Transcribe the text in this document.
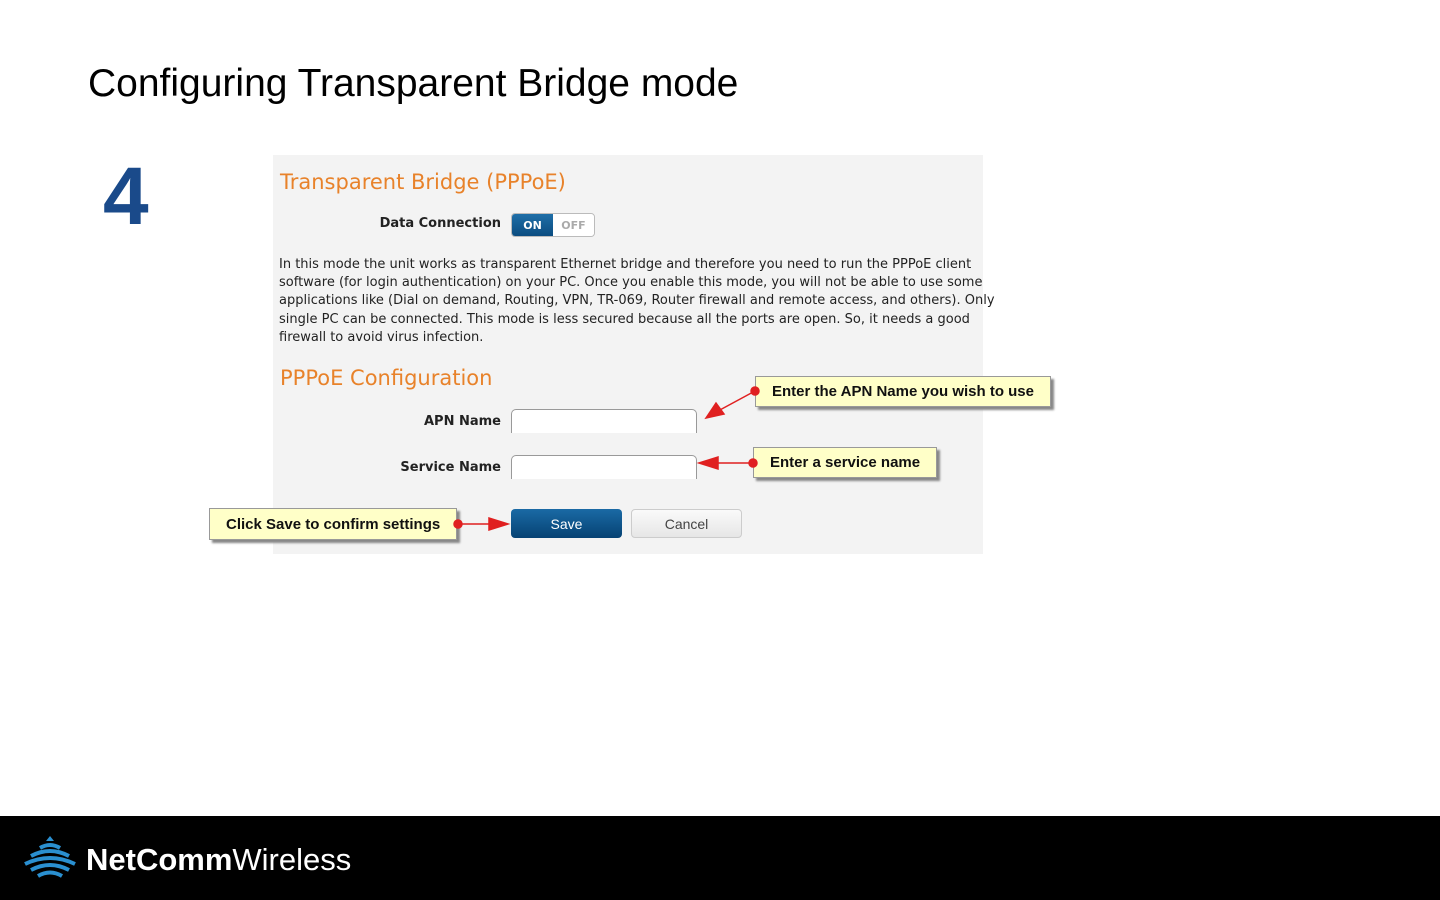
Configuring Transparent Bridge mode
4	Transparent Bridge (PPPoE)
Data Connection	ON	OFF
In this mode the unit works as transparent Ethernet bridge and therefore you need to run the PPPoE client
software (for login authentication) on your PC. Once you enable this mode, you will not be able to use some
applications like (Dial on demand, Routing, VPN, TR-069, Router firewall and remote access, and others). Only
single PC can be connected. This mode is less secured because all the ports are open. So, it needs a good
firewall to avoid virus infection.
PPPoE Configuration
APN Name
Service Name
Save	Cancel
Enter the APN Name you wish to use
Enter a service name
Click Save to confirm settings
NetCommWireless
